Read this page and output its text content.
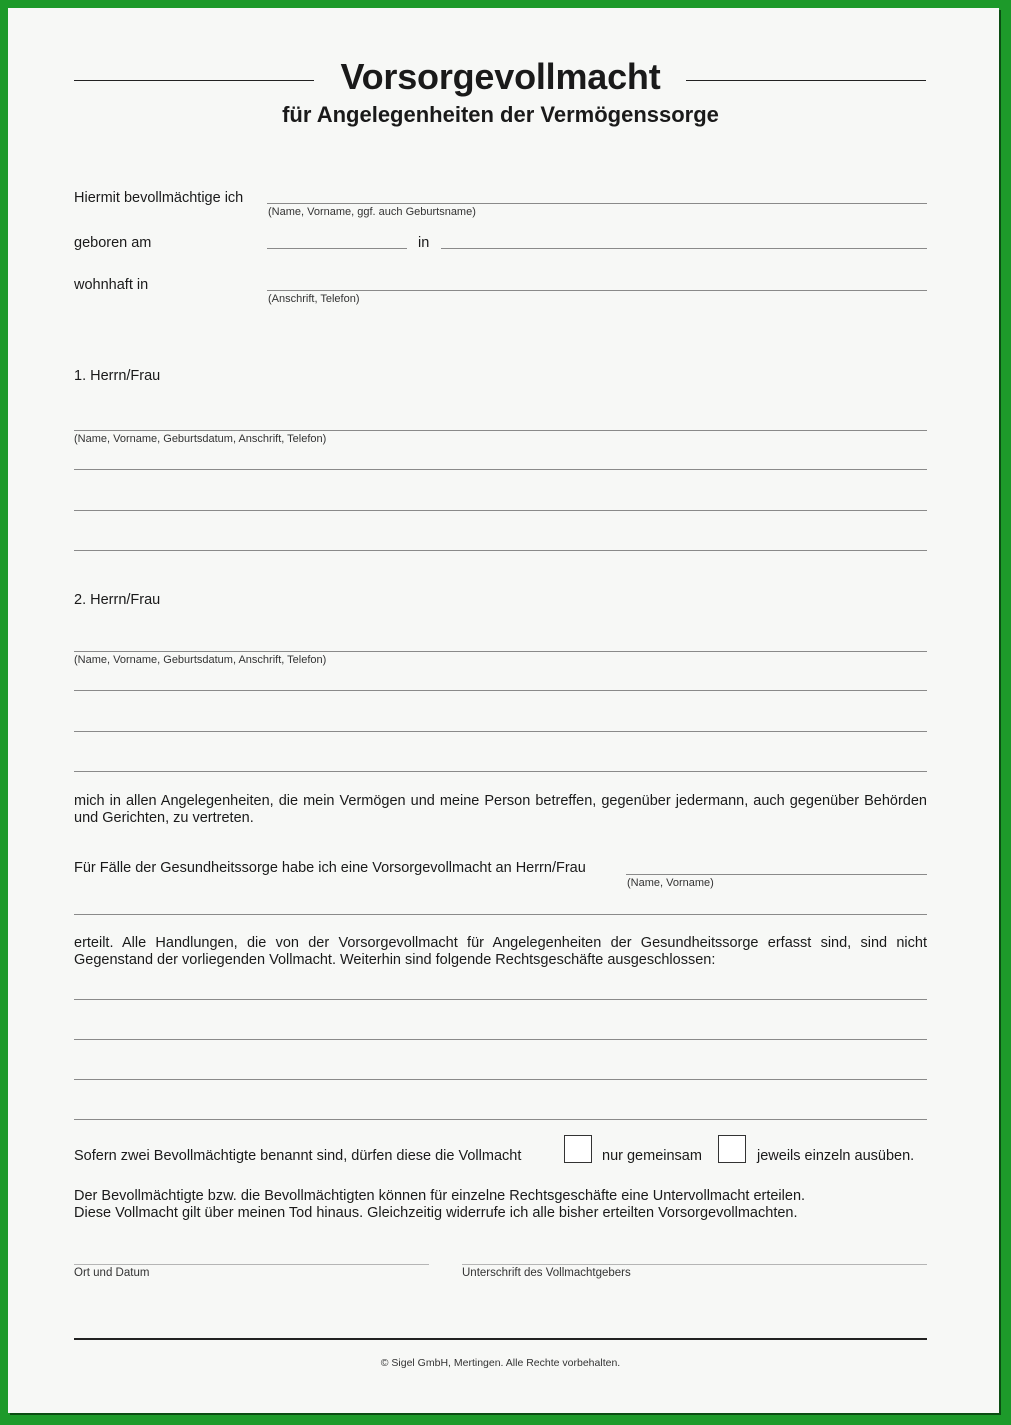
Vorsorgevollmacht
für Angelegenheiten der Vermögenssorge
Hiermit bevollmächtige ich
(Name, Vorname, ggf. auch Geburtsname)
geboren am	in
wohnhaft in
(Anschrift, Telefon)
1. Herrn/Frau
(Name, Vorname, Geburtsdatum, Anschrift, Telefon)
2. Herrn/Frau
(Name, Vorname, Geburtsdatum, Anschrift, Telefon)
mich in allen Angelegenheiten, die mein Vermögen und meine Person betreffen, gegenüber jedermann, auch gegenüber Behörden und Gerichten, zu vertreten.
Für Fälle der Gesundheitssorge habe ich eine Vorsorgevollmacht an Herrn/Frau
(Name, Vorname)
erteilt. Alle Handlungen, die von der Vorsorgevollmacht für Angelegenheiten der Gesundheitssorge erfasst sind, sind nicht Gegenstand der vorliegenden Vollmacht. Weiterhin sind folgende Rechtsgeschäfte ausgeschlossen:
Sofern zwei Bevollmächtigte benannt sind, dürfen diese die Vollmacht	nur gemeinsam	jeweils einzeln ausüben.
Der Bevollmächtigte bzw. die Bevollmächtigten können für einzelne Rechtsgeschäfte eine Untervollmacht erteilen.
Diese Vollmacht gilt über meinen Tod hinaus. Gleichzeitig widerrufe ich alle bisher erteilten Vorsorgevollmachten.
Ort und Datum	Unterschrift des Vollmachtgebers
© Sigel GmbH, Mertingen. Alle Rechte vorbehalten.
